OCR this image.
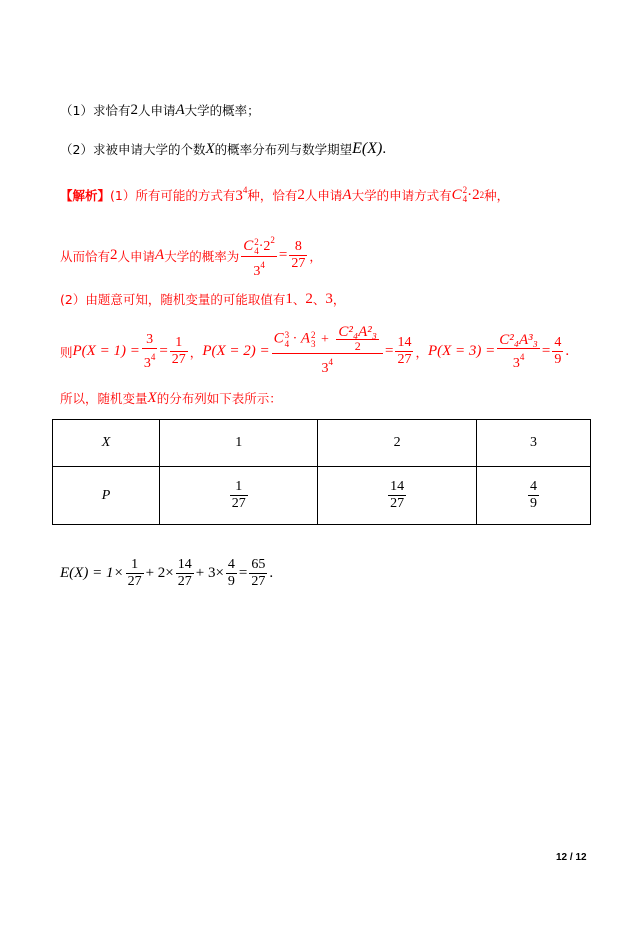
（1）求恰有 2 人申请 A 大学的概率；
（2）求被申请大学的个数 X 的概率分布列与数学期望 E(X) .
【解析】 (1）所有可能的方式有 $3^4$ 种，恰有 2 人申请 A 大学的申请方式有 C 2
4 ·2 2 种，
从而恰有 2 人申请 A 大学的概率为 C 2
$4 \cdot 2^2$
$3^4 = \frac{8}{27}$ ，
(2）由题意可知，随机变量的可能取值有 1 、 2 、 3 ，
则 $P(X = 1) = \frac{3}{3^4} = \frac{1}{27}$ ， P(X = 2) = C 3
4 · A 2
$3 + \frac{\text{C²₄A²₃}}{2}$
$3^4 = \frac{14}{27}$ ， $P(X = 3) = \frac{\text{C²₄A³₃}}{3^4} = \frac{4}{9}$ .
所以，随机变量 X 的分布列如下表所示：
X	1	2	3
P	$\frac{1}{27}$	$\frac{14}{27}$	$\frac{4}{9}$
$E(X) = 1\times \frac{1}{27} + 2\times \frac{14}{27} + 3\times \frac{4}{9} = \frac{65}{27}$ .
12 / 12
